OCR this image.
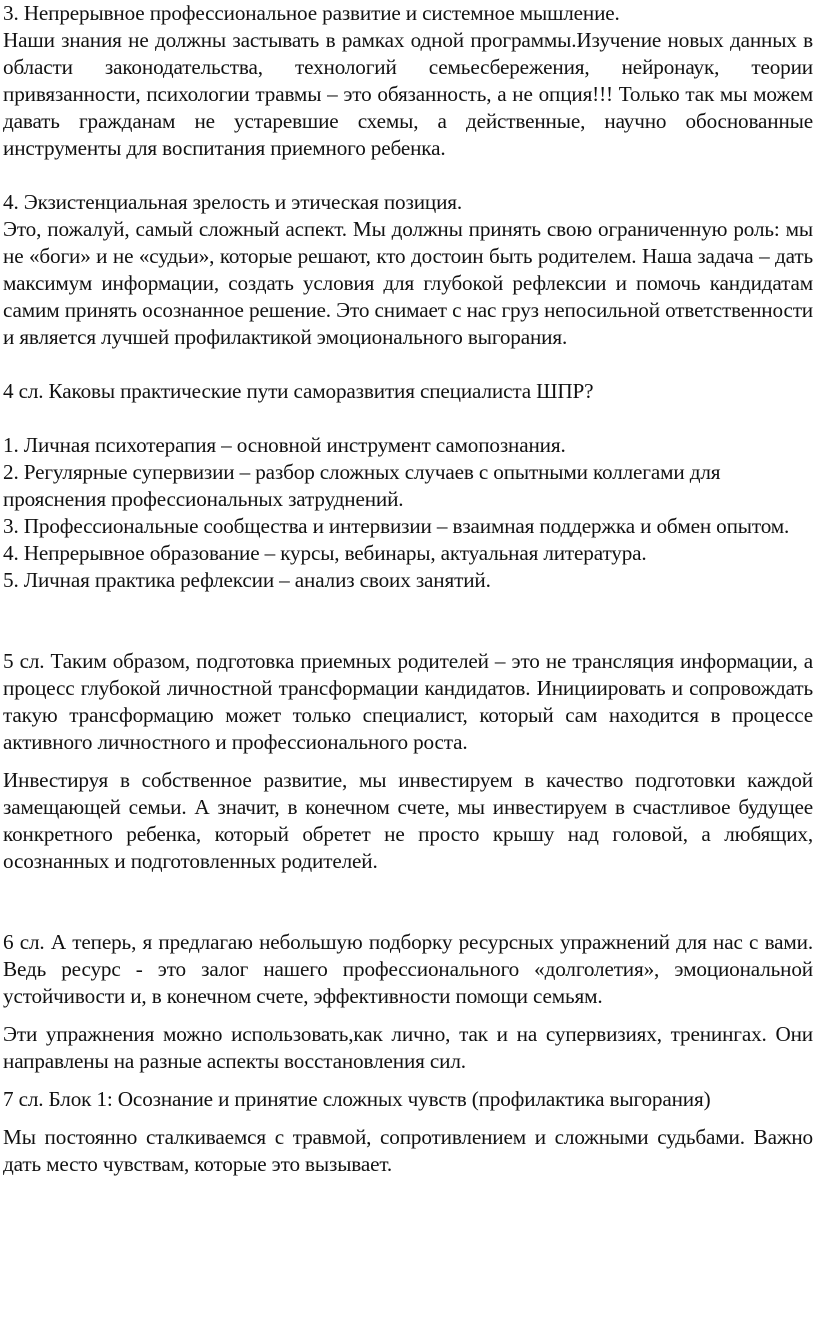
3. Непрерывное профессиональное развитие и системное мышление.

Наши знания не должны застывать в рамках одной программы.Изучение новых данных в области законодательства, технологий семьесбережения, нейронаук, теории привязанности, психологии травмы – это обязанность, а не опция!!! Только так мы можем давать гражданам не устаревшие схемы, а действенные, научно обоснованные инструменты для воспитания приемного ребенка.

4. Экзистенциальная зрелость и этическая позиция.

Это, пожалуй, самый сложный аспект. Мы должны принять свою ограниченную роль: мы не «боги» и не «судьи», которые решают, кто достоин быть родителем. Наша задача – дать максимум информации, создать условия для глубокой рефлексии и помочь кандидатам самим принять осознанное решение. Это снимает с нас груз непосильной ответственности и является лучшей профилактикой эмоционального выгорания.

4 сл. Каковы практические пути саморазвития специалиста ШПР?

1. Личная психотерапия – основной инструмент самопознания.

2. Регулярные супервизии – разбор сложных случаев с опытными коллегами для прояснения профессиональных затруднений.

3. Профессиональные сообщества и интервизии – взаимная поддержка и обмен опытом.

4. Непрерывное образование – курсы, вебинары, актуальная литература.

5. Личная практика рефлексии – анализ своих занятий.

5 сл. Таким образом, подготовка приемных родителей – это не трансляция информации, а процесс глубокой личностной трансформации кандидатов. Инициировать и сопровождать такую трансформацию может только специалист, который сам находится в процессе активного личностного и профессионального роста.

Инвестируя в собственное развитие, мы инвестируем в качество подготовки каждой замещающей семьи. А значит, в конечном счете, мы инвестируем в счастливое будущее конкретного ребенка, который обретет не просто крышу над головой, а любящих, осознанных и подготовленных родителей.

6 сл. А теперь, я предлагаю небольшую подборку ресурсных упражнений для нас с вами. Ведь ресурс - это залог нашего профессионального «долголетия», эмоциональной устойчивости и, в конечном счете, эффективности помощи семьям.

Эти упражнения можно использовать,как лично, так и на супервизиях, тренингах. Они направлены на разные аспекты восстановления сил.

7 сл. Блок 1: Осознание и принятие сложных чувств (профилактика выгорания)

Мы постоянно сталкиваемся с травмой, сопротивлением и сложными судьбами. Важно дать место чувствам, которые это вызывает.
